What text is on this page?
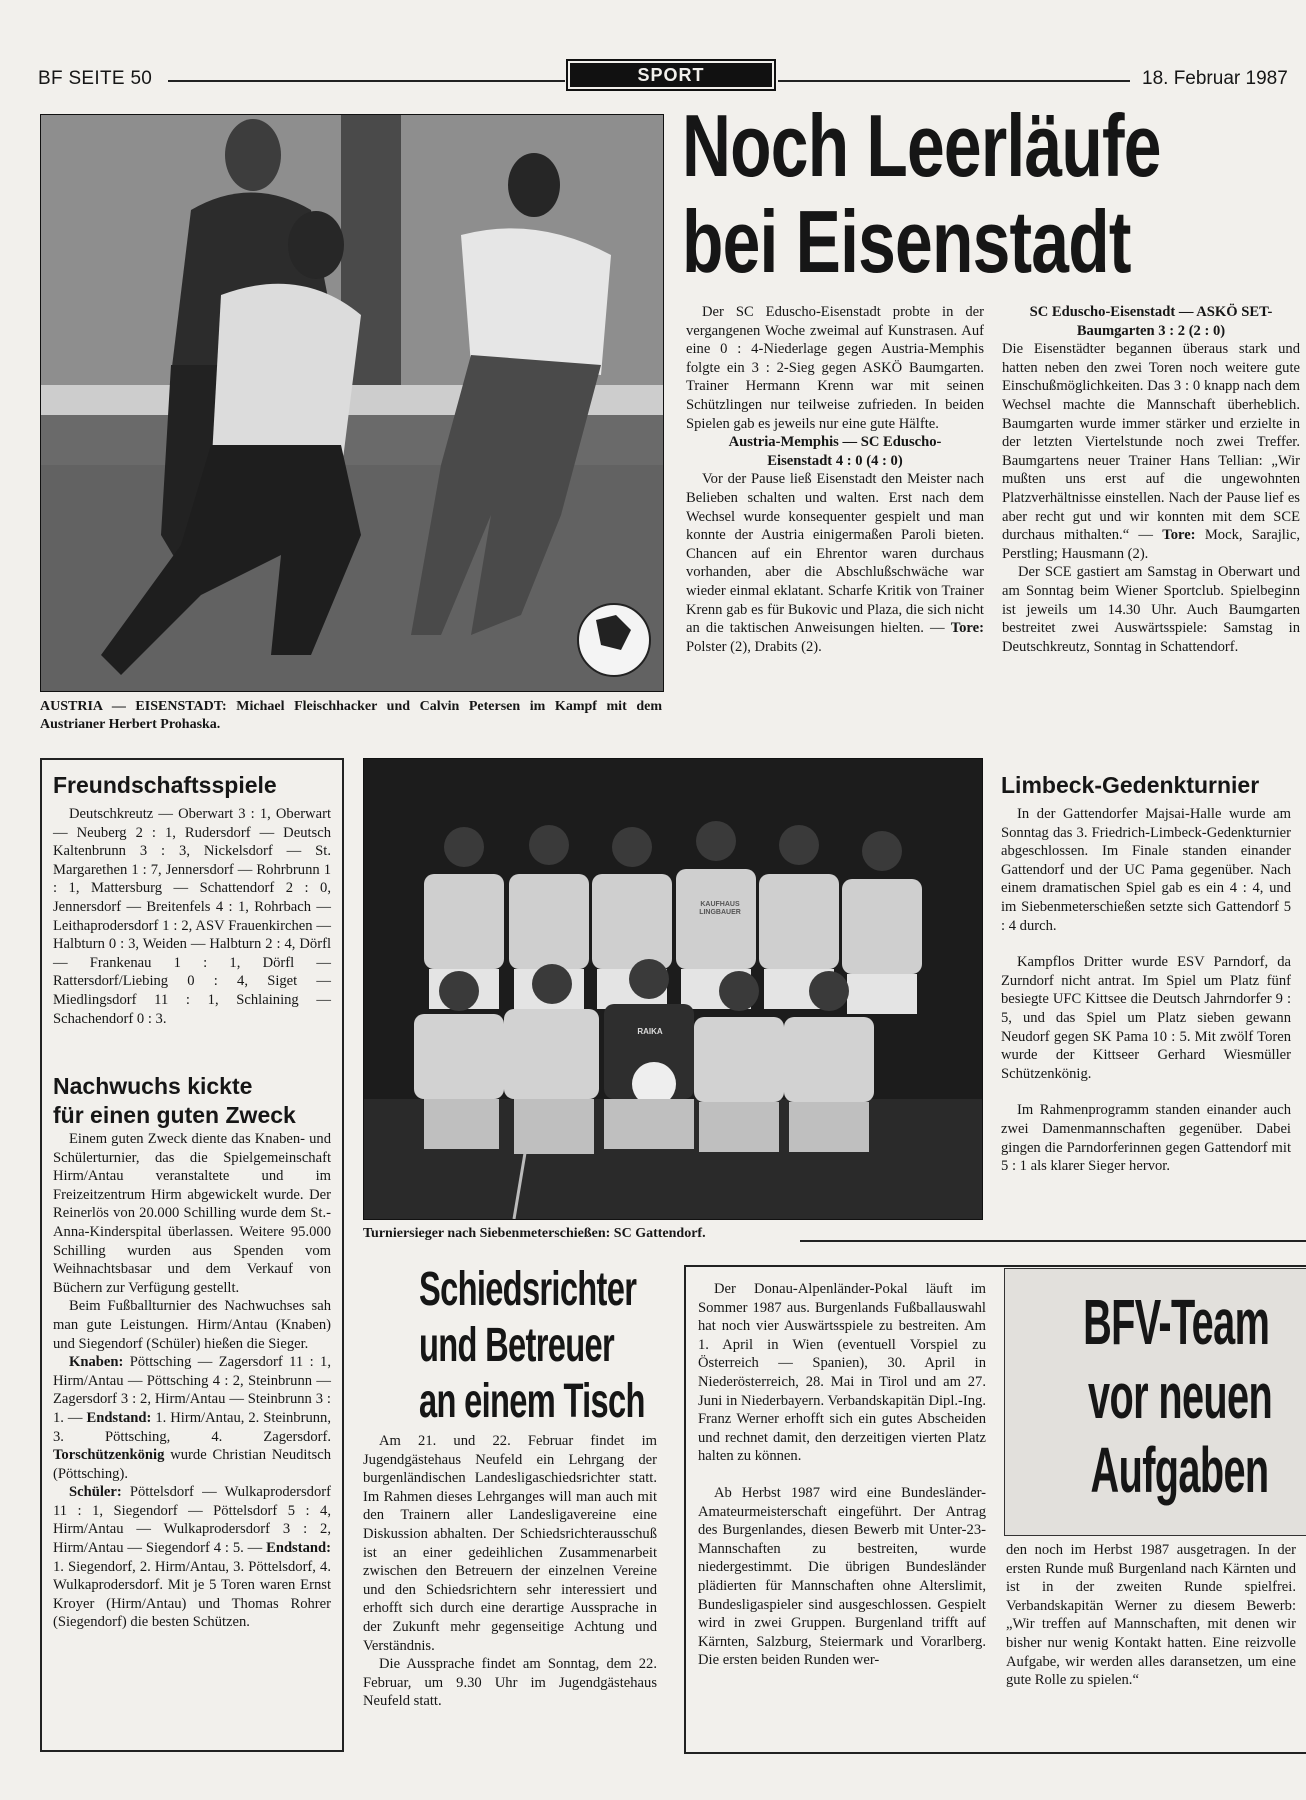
BF SEITE 50	SPORT	18. Februar 1987
AUSTRIA — EISENSTADT: Michael Fleischhacker und Calvin Petersen im Kampf mit dem Austrianer Herbert Prohaska.
Noch Leerläufe
bei Eisenstadt

Der SC Eduscho-Eisenstadt probte in der vergangenen Woche zweimal auf Kunstrasen. Auf eine 0 : 4-Niederlage gegen Austria-Memphis folgte ein 3 : 2-Sieg gegen ASKÖ Baumgarten. Trainer Hermann Krenn war mit seinen Schützlingen nur teilweise zufrieden. In beiden Spielen gab es jeweils nur eine gute Hälfte.

Austria-Memphis — SC Eduscho-

Eisenstadt 4 : 0 (4 : 0)

Vor der Pause ließ Eisenstadt den Meister nach Belieben schalten und walten. Erst nach dem Wechsel wurde konsequenter gespielt und man konnte der Austria einigermaßen Paroli bieten. Chancen auf ein Ehrentor waren durchaus vorhanden, aber die Abschlußschwäche war wieder einmal eklatant. Scharfe Kritik von Trainer Krenn gab es für Bukovic und Plaza, die sich nicht an die taktischen Anweisungen hielten. — Tore: Polster (2), Drabits (2).

SC Eduscho-Eisenstadt — ASKÖ SET-

Baumgarten 3 : 2 (2 : 0)

Die Eisenstädter begannen überaus stark und hatten neben den zwei Toren noch weitere gute Einschußmöglichkeiten. Das 3 : 0 knapp nach dem Wechsel machte die Mannschaft überheblich. Baumgarten wurde immer stärker und erzielte in der letzten Viertelstunde noch zwei Treffer. Baumgartens neuer Trainer Hans Tellian: „Wir mußten uns erst auf die ungewohnten Platzverhältnisse einstellen. Nach der Pause lief es aber recht gut und wir konnten mit dem SCE durchaus mithalten.“ — Tore: Mock, Sarajlic, Perstling; Hausmann (2).

Der SCE gastiert am Samstag in Oberwart und am Sonntag beim Wiener Sportclub. Spielbeginn ist jeweils um 14.30 Uhr. Auch Baumgarten bestreitet zwei Auswärtsspiele: Samstag in Deutschkreutz, Sonntag in Schattendorf.

Freundschaftsspiele
Deutschkreutz — Oberwart 3 : 1, Oberwart — Neuberg 2 : 1, Rudersdorf — Deutsch Kaltenbrunn 3 : 3, Nickelsdorf — St. Margarethen 1 : 7, Jennersdorf — Rohrbrunn 1 : 1, Mattersburg — Schattendorf 2 : 0, Jennersdorf — Breitenfels 4 : 1, Rohrbach — Leithaprodersdorf 1 : 2, ASV Frauenkirchen — Halbturn 0 : 3, Weiden — Halbturn 2 : 4, Dörfl — Frankenau 1 : 1, Dörfl — Rattersdorf/Liebing 0 : 4, Siget — Miedlingsdorf 11 : 1, Schlaining — Schachendorf 0 : 3.
Nachwuchs kickte
für einen guten Zweck

Einem guten Zweck diente das Knaben- und Schülerturnier, das die Spielgemeinschaft Hirm/Antau veranstaltete und im Freizeitzentrum Hirm abgewickelt wurde. Der Reinerlös von 20.000 Schilling wurde dem St.-Anna-Kinderspital überlassen. Weitere 95.000 Schilling wurden aus Spenden vom Weihnachtsbasar und dem Verkauf von Büchern zur Verfügung gestellt.

Beim Fußballturnier des Nachwuchses sah man gute Leistungen. Hirm/Antau (Knaben) und Siegendorf (Schüler) hießen die Sieger.

Knaben: Pöttsching — Zagersdorf 11 : 1, Hirm/Antau — Pöttsching 4 : 2, Steinbrunn — Zagersdorf 3 : 2, Hirm/Antau — Steinbrunn 3 : 1. — Endstand: 1. Hirm/Antau, 2. Steinbrunn, 3. Pöttsching, 4. Zagersdorf. Torschützenkönig wurde Christian Neuditsch (Pöttsching).

Schüler: Pöttelsdorf — Wulkaprodersdorf 11 : 1, Siegendorf — Pöttelsdorf 5 : 4, Hirm/Antau — Wulkaprodersdorf 3 : 2, Hirm/Antau — Siegendorf 4 : 5. — Endstand: 1. Siegendorf, 2. Hirm/Antau, 3. Pöttelsdorf, 4. Wulkaprodersdorf. Mit je 5 Toren waren Ernst Kroyer (Hirm/Antau) und Thomas Rohrer (Siegendorf) die besten Schützen.

KAUFHAUS LINGBAUER
RAIKA
Turniersieger nach Siebenmeterschießen: SC Gattendorf.
Limbeck-Gedenkturnier

In der Gattendorfer Majsai-Halle wurde am Sonntag das 3. Friedrich-Limbeck-Gedenkturnier abgeschlossen. Im Finale standen einander Gattendorf und der UC Pama gegenüber. Nach einem dramatischen Spiel gab es ein 4 : 4, und im Siebenmeterschießen setzte sich Gattendorf 5 : 4 durch.

Kampflos Dritter wurde ESV Parndorf, da Zurndorf nicht antrat. Im Spiel um Platz fünf besiegte UFC Kittsee die Deutsch Jahrndorfer 9 : 5, und das Spiel um Platz sieben gewann Neudorf gegen SK Pama 10 : 5. Mit zwölf Toren wurde der Kittseer Gerhard Wiesmüller Schützenkönig.

Im Rahmenprogramm standen einander auch zwei Damenmannschaften gegenüber. Dabei gingen die Parndorferinnen gegen Gattendorf mit 5 : 1 als klarer Sieger hervor.

Schiedsrichter
und Betreuer
an einem Tisch

Am 21. und 22. Februar findet im Jugendgästehaus Neufeld ein Lehrgang der burgenländischen Landesligaschiedsrichter statt. Im Rahmen dieses Lehrganges will man auch mit den Trainern aller Landesligavereine eine Diskussion abhalten. Der Schiedsrichterausschuß ist an einer gedeihlichen Zusammenarbeit zwischen den Betreuern der einzelnen Vereine und den Schiedsrichtern sehr interessiert und erhofft sich durch eine derartige Aussprache in der Zukunft mehr gegenseitige Achtung und Verständnis.

Die Aussprache findet am Sonntag, dem 22. Februar, um 9.30 Uhr im Jugendgästehaus Neufeld statt.

BFV-Team
vor neuen
Aufgaben

Der Donau-Alpenländer-Pokal läuft im Sommer 1987 aus. Burgenlands Fußballauswahl hat noch vier Auswärtsspiele zu bestreiten. Am 1. April in Wien (eventuell Vorspiel zu Österreich — Spanien), 30. April in Niederösterreich, 28. Mai in Tirol und am 27. Juni in Niederbayern. Verbandskapitän Dipl.-Ing. Franz Werner erhofft sich ein gutes Abscheiden und rechnet damit, den derzeitigen vierten Platz halten zu können.

Ab Herbst 1987 wird eine Bundesländer-Amateurmeisterschaft eingeführt. Der Antrag des Burgenlandes, diesen Bewerb mit Unter-23-Mannschaften zu bestreiten, wurde niedergestimmt. Die übrigen Bundesländer plädierten für Mannschaften ohne Alterslimit, Bundesligaspieler sind ausgeschlossen. Gespielt wird in zwei Gruppen. Burgenland trifft auf Kärnten, Salzburg, Steiermark und Vorarlberg. Die ersten beiden Runden wer-

den noch im Herbst 1987 ausgetragen. In der ersten Runde muß Burgenland nach Kärnten und ist in der zweiten Runde spielfrei. Verbandskapitän Werner zu diesem Bewerb: „Wir treffen auf Mannschaften, mit denen wir bisher nur wenig Kontakt hatten. Eine reizvolle Aufgabe, wir werden alles daransetzen, um eine gute Rolle zu spielen.“
